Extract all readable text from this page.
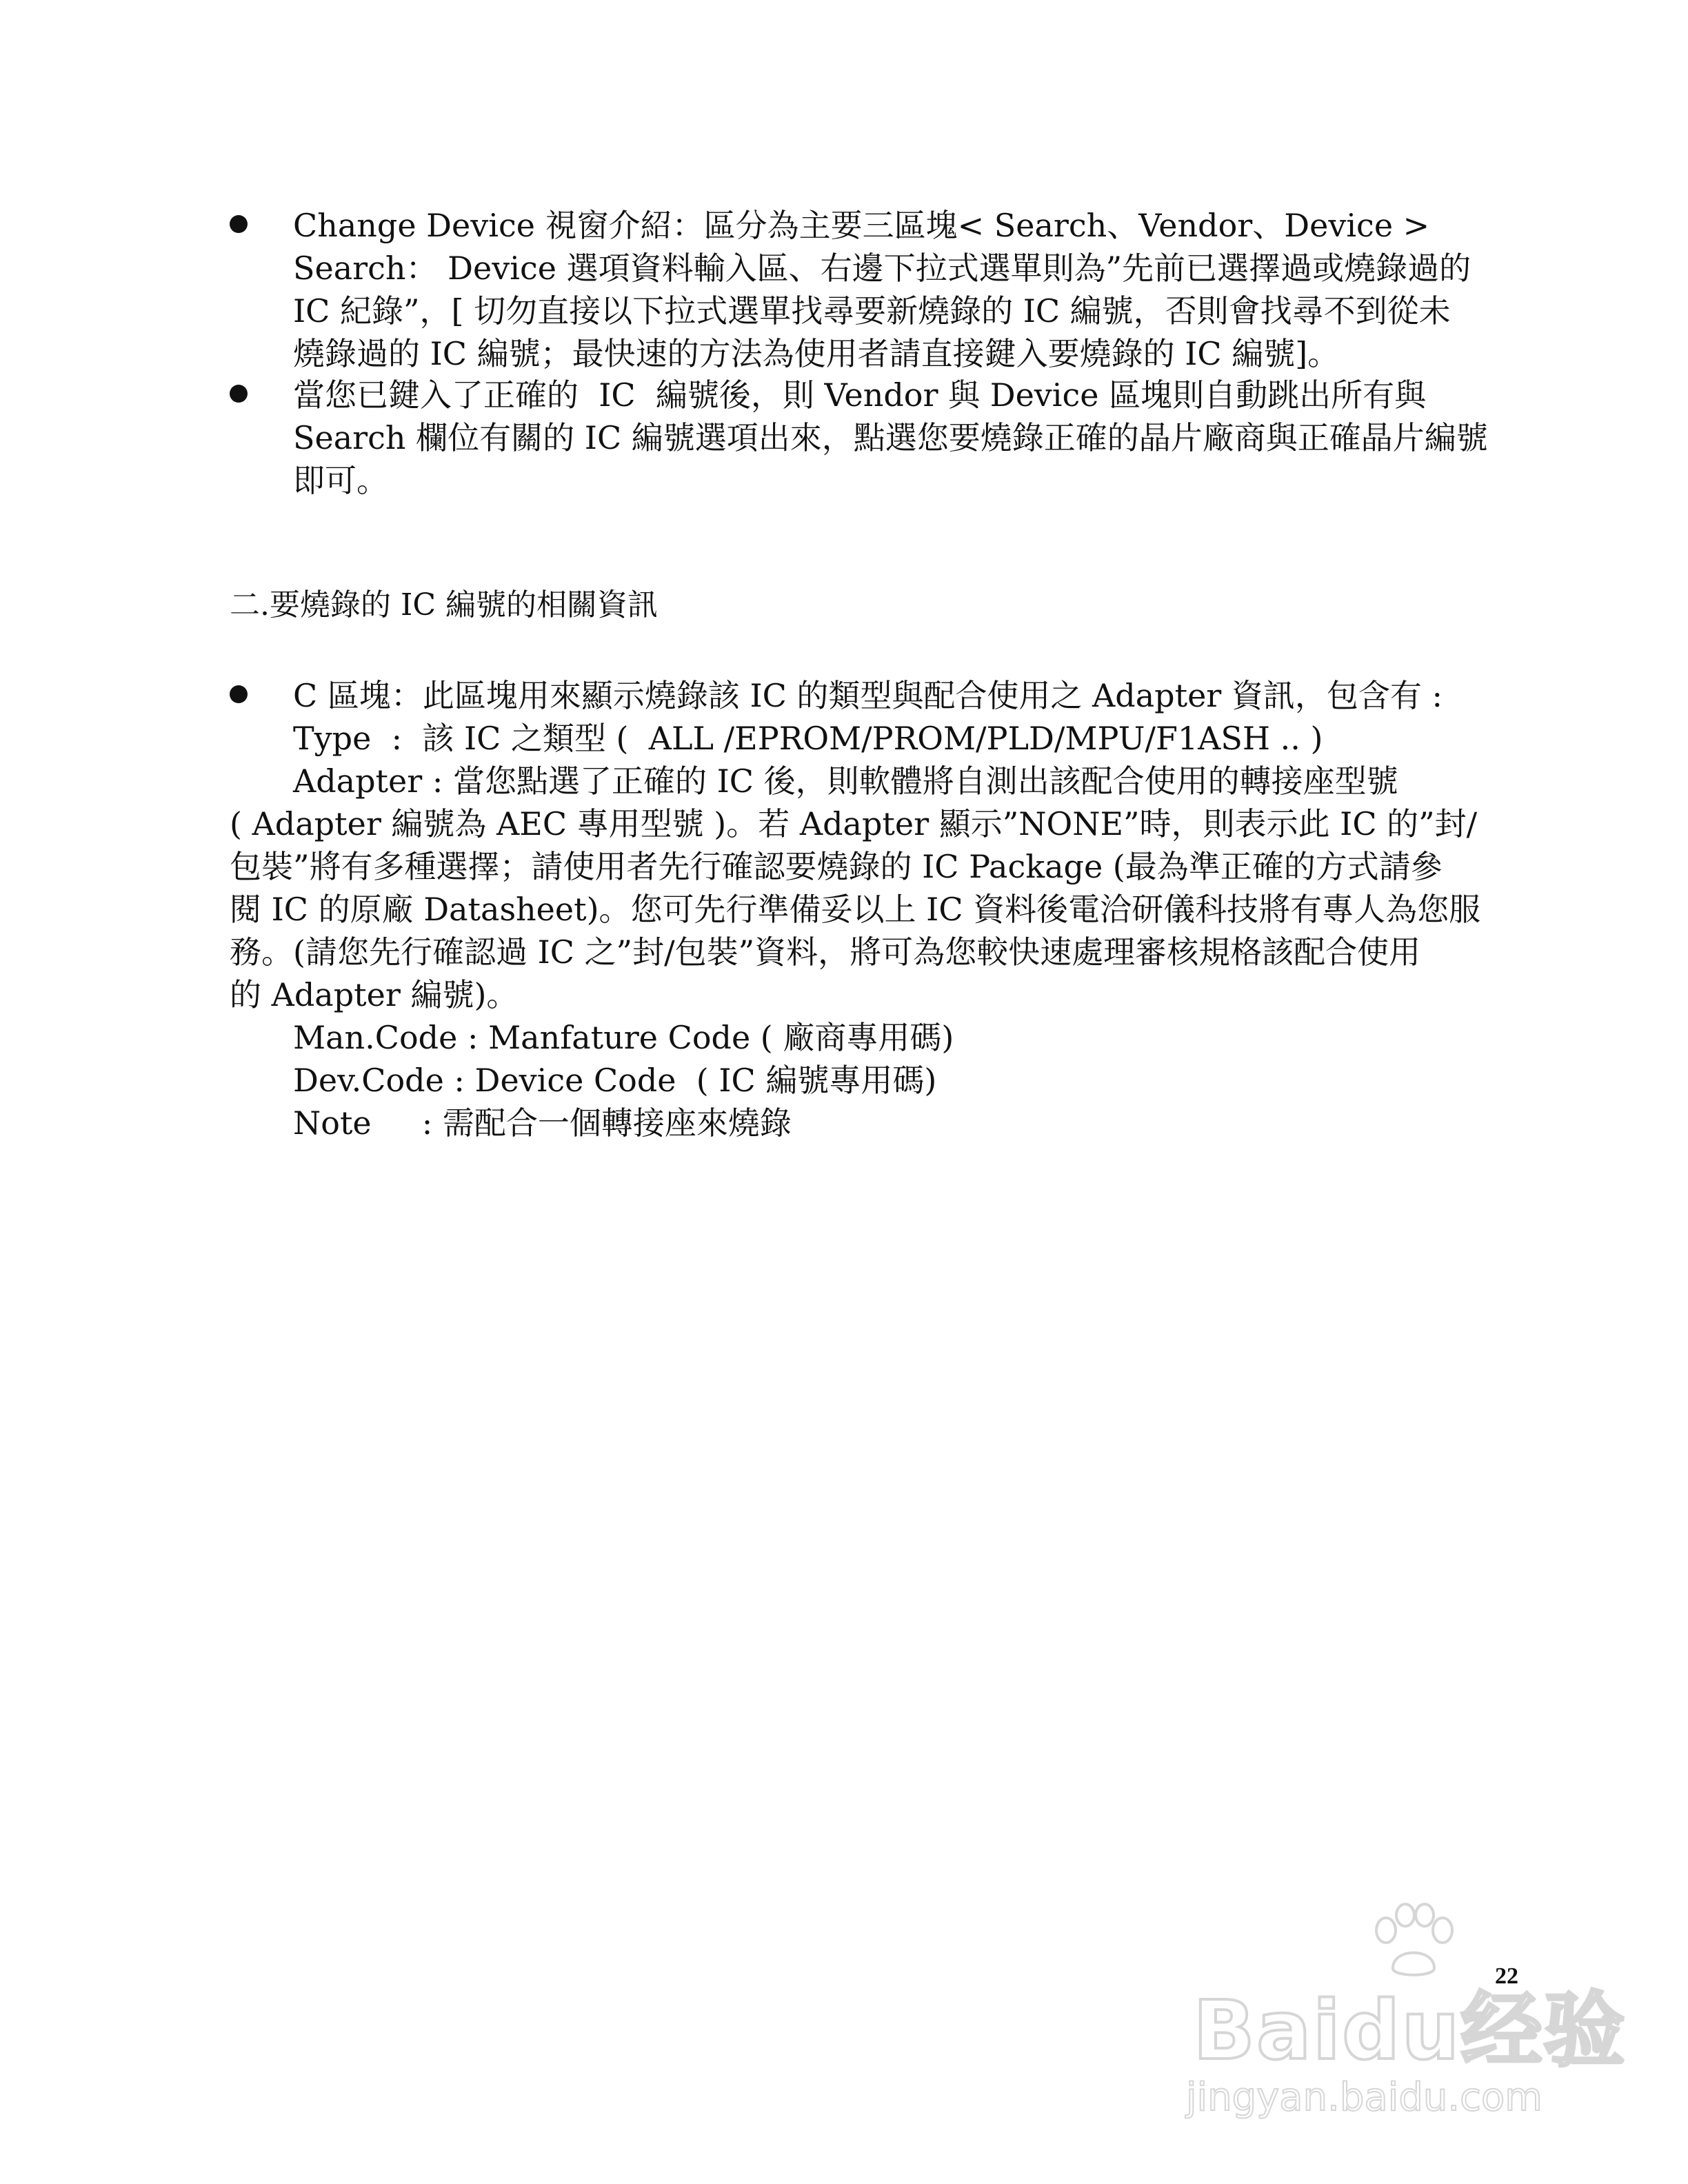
Change Device 視窗介紹：區分為主要三區塊< Search、Vendor、Device >
Search： Device 選項資料輸入區、右邊下拉式選單則為”先前已選擇過或燒錄過的
IC 紀錄”，[ 切勿直接以下拉式選單找尋要新燒錄的 IC 編號，否則會找尋不到從未
燒錄過的 IC 編號；最快速的方法為使用者請直接鍵入要燒錄的 IC 編號]。
當您已鍵入了正確的  IC  編號後，則 Vendor 與 Device 區塊則自動跳出所有與
Search 欄位有關的 IC 編號選項出來，點選您要燒錄正確的晶片廠商與正確晶片編號
即可。
二.要燒錄的 IC 編號的相關資訊
C 區塊：此區塊用來顯示燒錄該 IC 的類型與配合使用之 Adapter 資訊，包含有 :
Type  :  該 IC 之類型 (  ALL /EPROM/PROM/PLD/MPU/F1ASH .. )
Adapter : 當您點選了正確的 IC 後，則軟體將自測出該配合使用的轉接座型號
( Adapter 編號為 AEC 專用型號 )。若 Adapter 顯示”NONE”時，則表示此 IC 的”封/
包裝”將有多種選擇；請使用者先行確認要燒錄的 IC Package (最為準正確的方式請參
閱 IC 的原廠 Datasheet)。您可先行準備妥以上 IC 資料後電洽研儀科技將有專人為您服
務。(請您先行確認過 IC 之”封/包裝”資料，將可為您較快速處理審核規格該配合使用
的 Adapter 編號)。
Man.Code : Manfature Code ( 廠商專用碼)
Dev.Code : Device Code  ( IC 編號專用碼)
Note     : 需配合一個轉接座來燒錄
Baidu经验
jingyan.baidu.com
22
